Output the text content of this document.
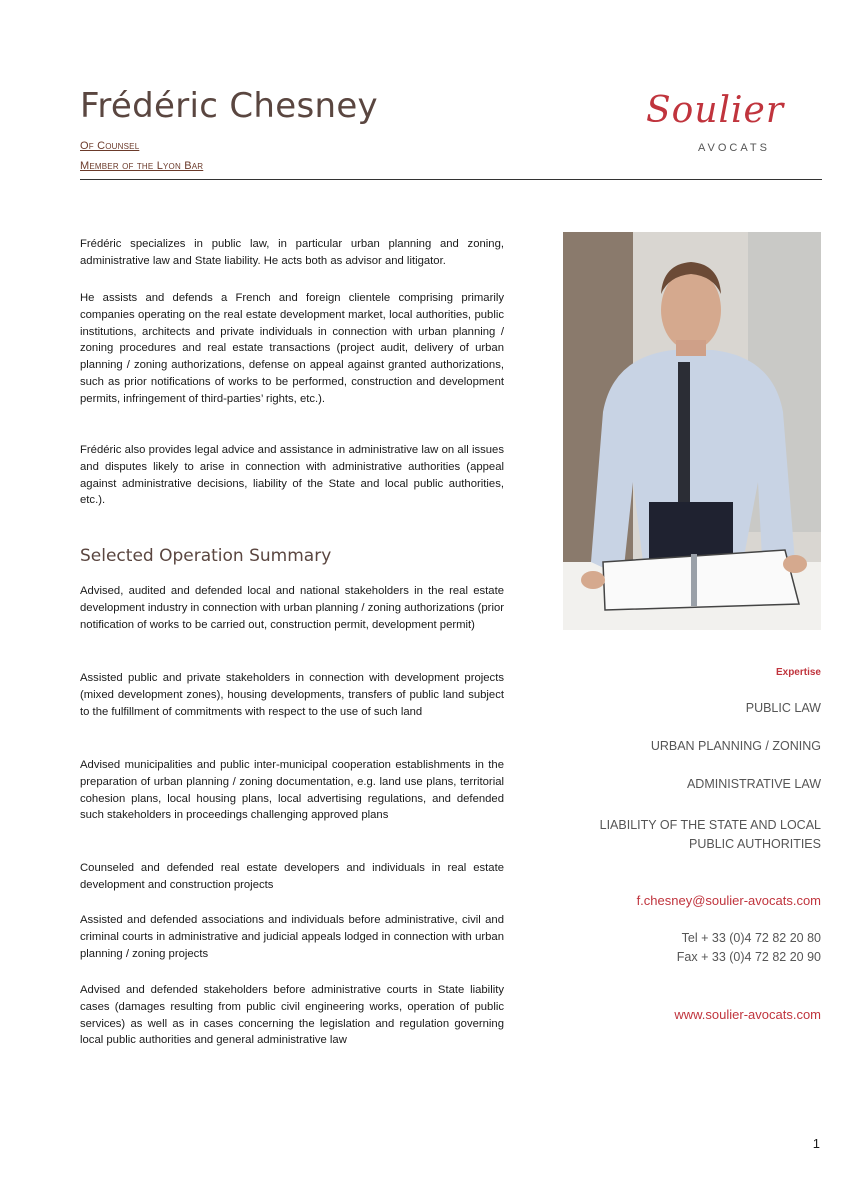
Frédéric Chesney
Of Counsel
Member of the Lyon Bar
Soulier
AVOCATS
Frédéric specializes in public law, in particular urban planning and zoning, administrative law and State liability. He acts both as advisor and litigator.
He assists and defends a French and foreign clientele comprising primarily companies operating on the real estate development market, local authorities, public institutions, architects and private individuals in connection with urban planning / zoning procedures and real estate transactions (project audit, delivery of urban planning / zoning authorizations, defense on appeal against granted authorizations, such as prior notifications of works to be performed, construction and development permits, infringement of third-parties’ rights, etc.).
Frédéric also provides legal advice and assistance in administrative law on all issues and disputes likely to arise in connection with administrative authorities (appeal against administrative decisions, liability of the State and local public authorities, etc.).
Selected Operation Summary
Advised, audited and defended local and national stakeholders in the real estate development industry in connection with urban planning / zoning authorizations (prior notification of works to be carried out, construction permit, development permit)
Assisted public and private stakeholders in connection with development projects (mixed development zones), housing developments, transfers of public land subject to the fulfillment of commitments with respect to the use of such land
Advised municipalities and public inter-municipal cooperation establishments in the preparation of urban planning / zoning documentation, e.g. land use plans, territorial cohesion plans, local housing plans, local advertising regulations, and defended such stakeholders in proceedings challenging approved plans
Counseled and defended real estate developers and individuals in real estate development and construction projects
Assisted and defended associations and individuals before administrative, civil and criminal courts in administrative and judicial appeals lodged in connection with urban planning / zoning projects
Advised and defended stakeholders before administrative courts in State liability cases (damages resulting from public civil engineering works, operation of public services) as well as in cases concerning the legislation and regulation governing local public authorities and general administrative law
Expertise
PUBLIC LAW
URBAN PLANNING / ZONING
ADMINISTRATIVE LAW
LIABILITY OF THE STATE AND LOCAL PUBLIC AUTHORITIES
f.chesney@soulier-avocats.com
Tel + 33 (0)4 72 82 20 80
Fax + 33 (0)4 72 82 20 90
www.soulier-avocats.com
1
